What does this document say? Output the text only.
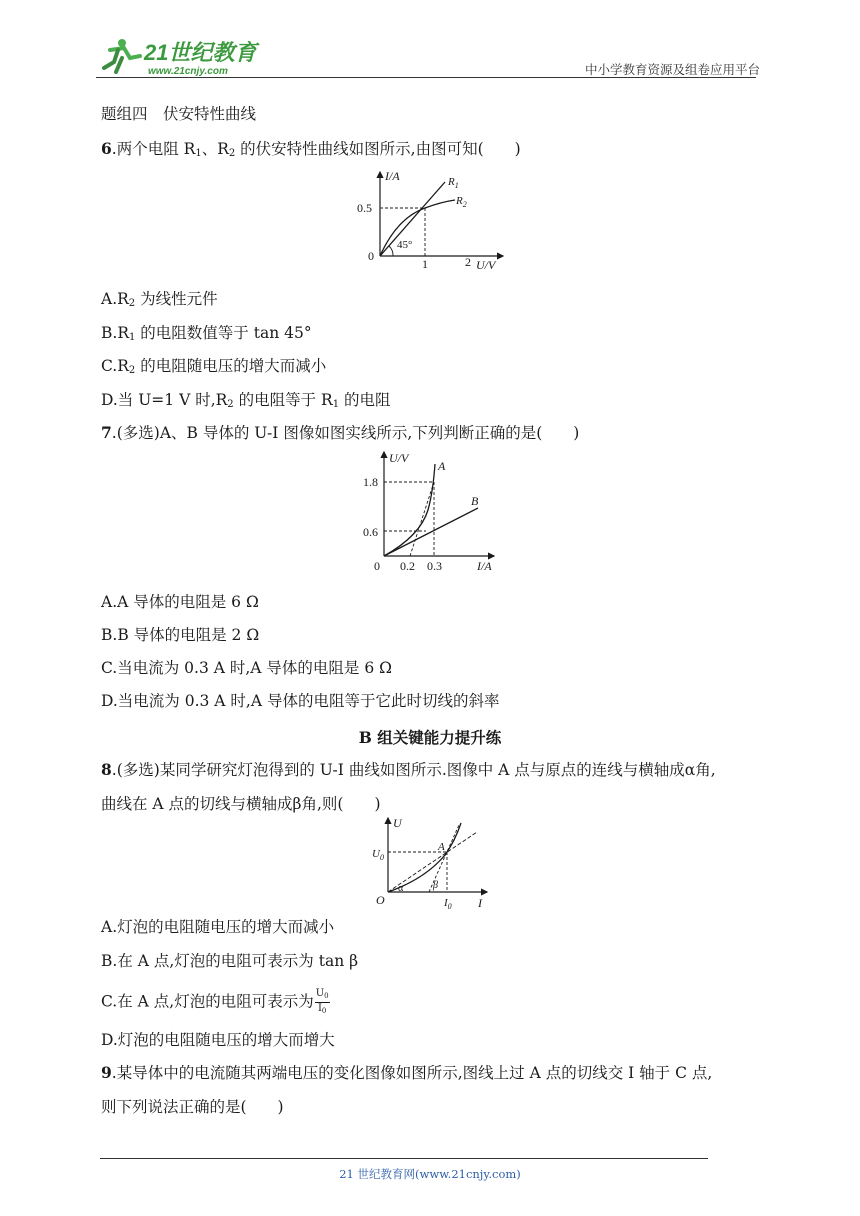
21世纪教育
www.21cnjy.com	中小学教育资源及组卷应用平台
题组四　伏安特性曲线
6.两个电阻 $R_1$、$R_2$ 的伏安特性曲线如图所示,由图可知(　　)
I/A
U/V
0
0.5
1	2
45°
$R_1$
$R_2$
$A.R_2$ 为线性元件
$B.R_1$ 的电阻数值等于 tan 45°
$C.R_2$ 的电阻随电压的增大而减小
D.当 U=1 V 时$,R_2$ 的电阻等于 $R_1$ 的电阻
7.(多选)A、B 导体的 U-I 图像如图实线所示,下列判断正确的是(　　)
U/V
I/A
0
1.8
0.6
0.2 0.3
A
B
A.A 导体的电阻是 6 Ω
B.B 导体的电阻是 2 Ω
C.当电流为 0.3 A 时,A 导体的电阻是 6 Ω
D.当电流为 0.3 A 时,A 导体的电阻等于它此时切线的斜率
B 组关键能力提升练
8.(多选)某同学研究灯泡得到的 U-I 曲线如图所示.图像中 A 点与原点的连线与横轴成α角,
曲线在 A 点的切线与横轴成β角,则(　　)
U
I
O
$U_0$
$I_0$
A
α	β
A.灯泡的电阻随电压的增大而减小
B.在 A 点,灯泡的电阻可表示为 tan β
C.在 A 点,灯泡的电阻可表示为 $\frac{U_0}{I_0}$
D.灯泡的电阻随电压的增大而增大
9.某导体中的电流随其两端电压的变化图像如图所示,图线上过 A 点的切线交 I 轴于 C 点,
则下列说法正确的是(　　)
21 世纪教育网(www.21cnjy.com)
